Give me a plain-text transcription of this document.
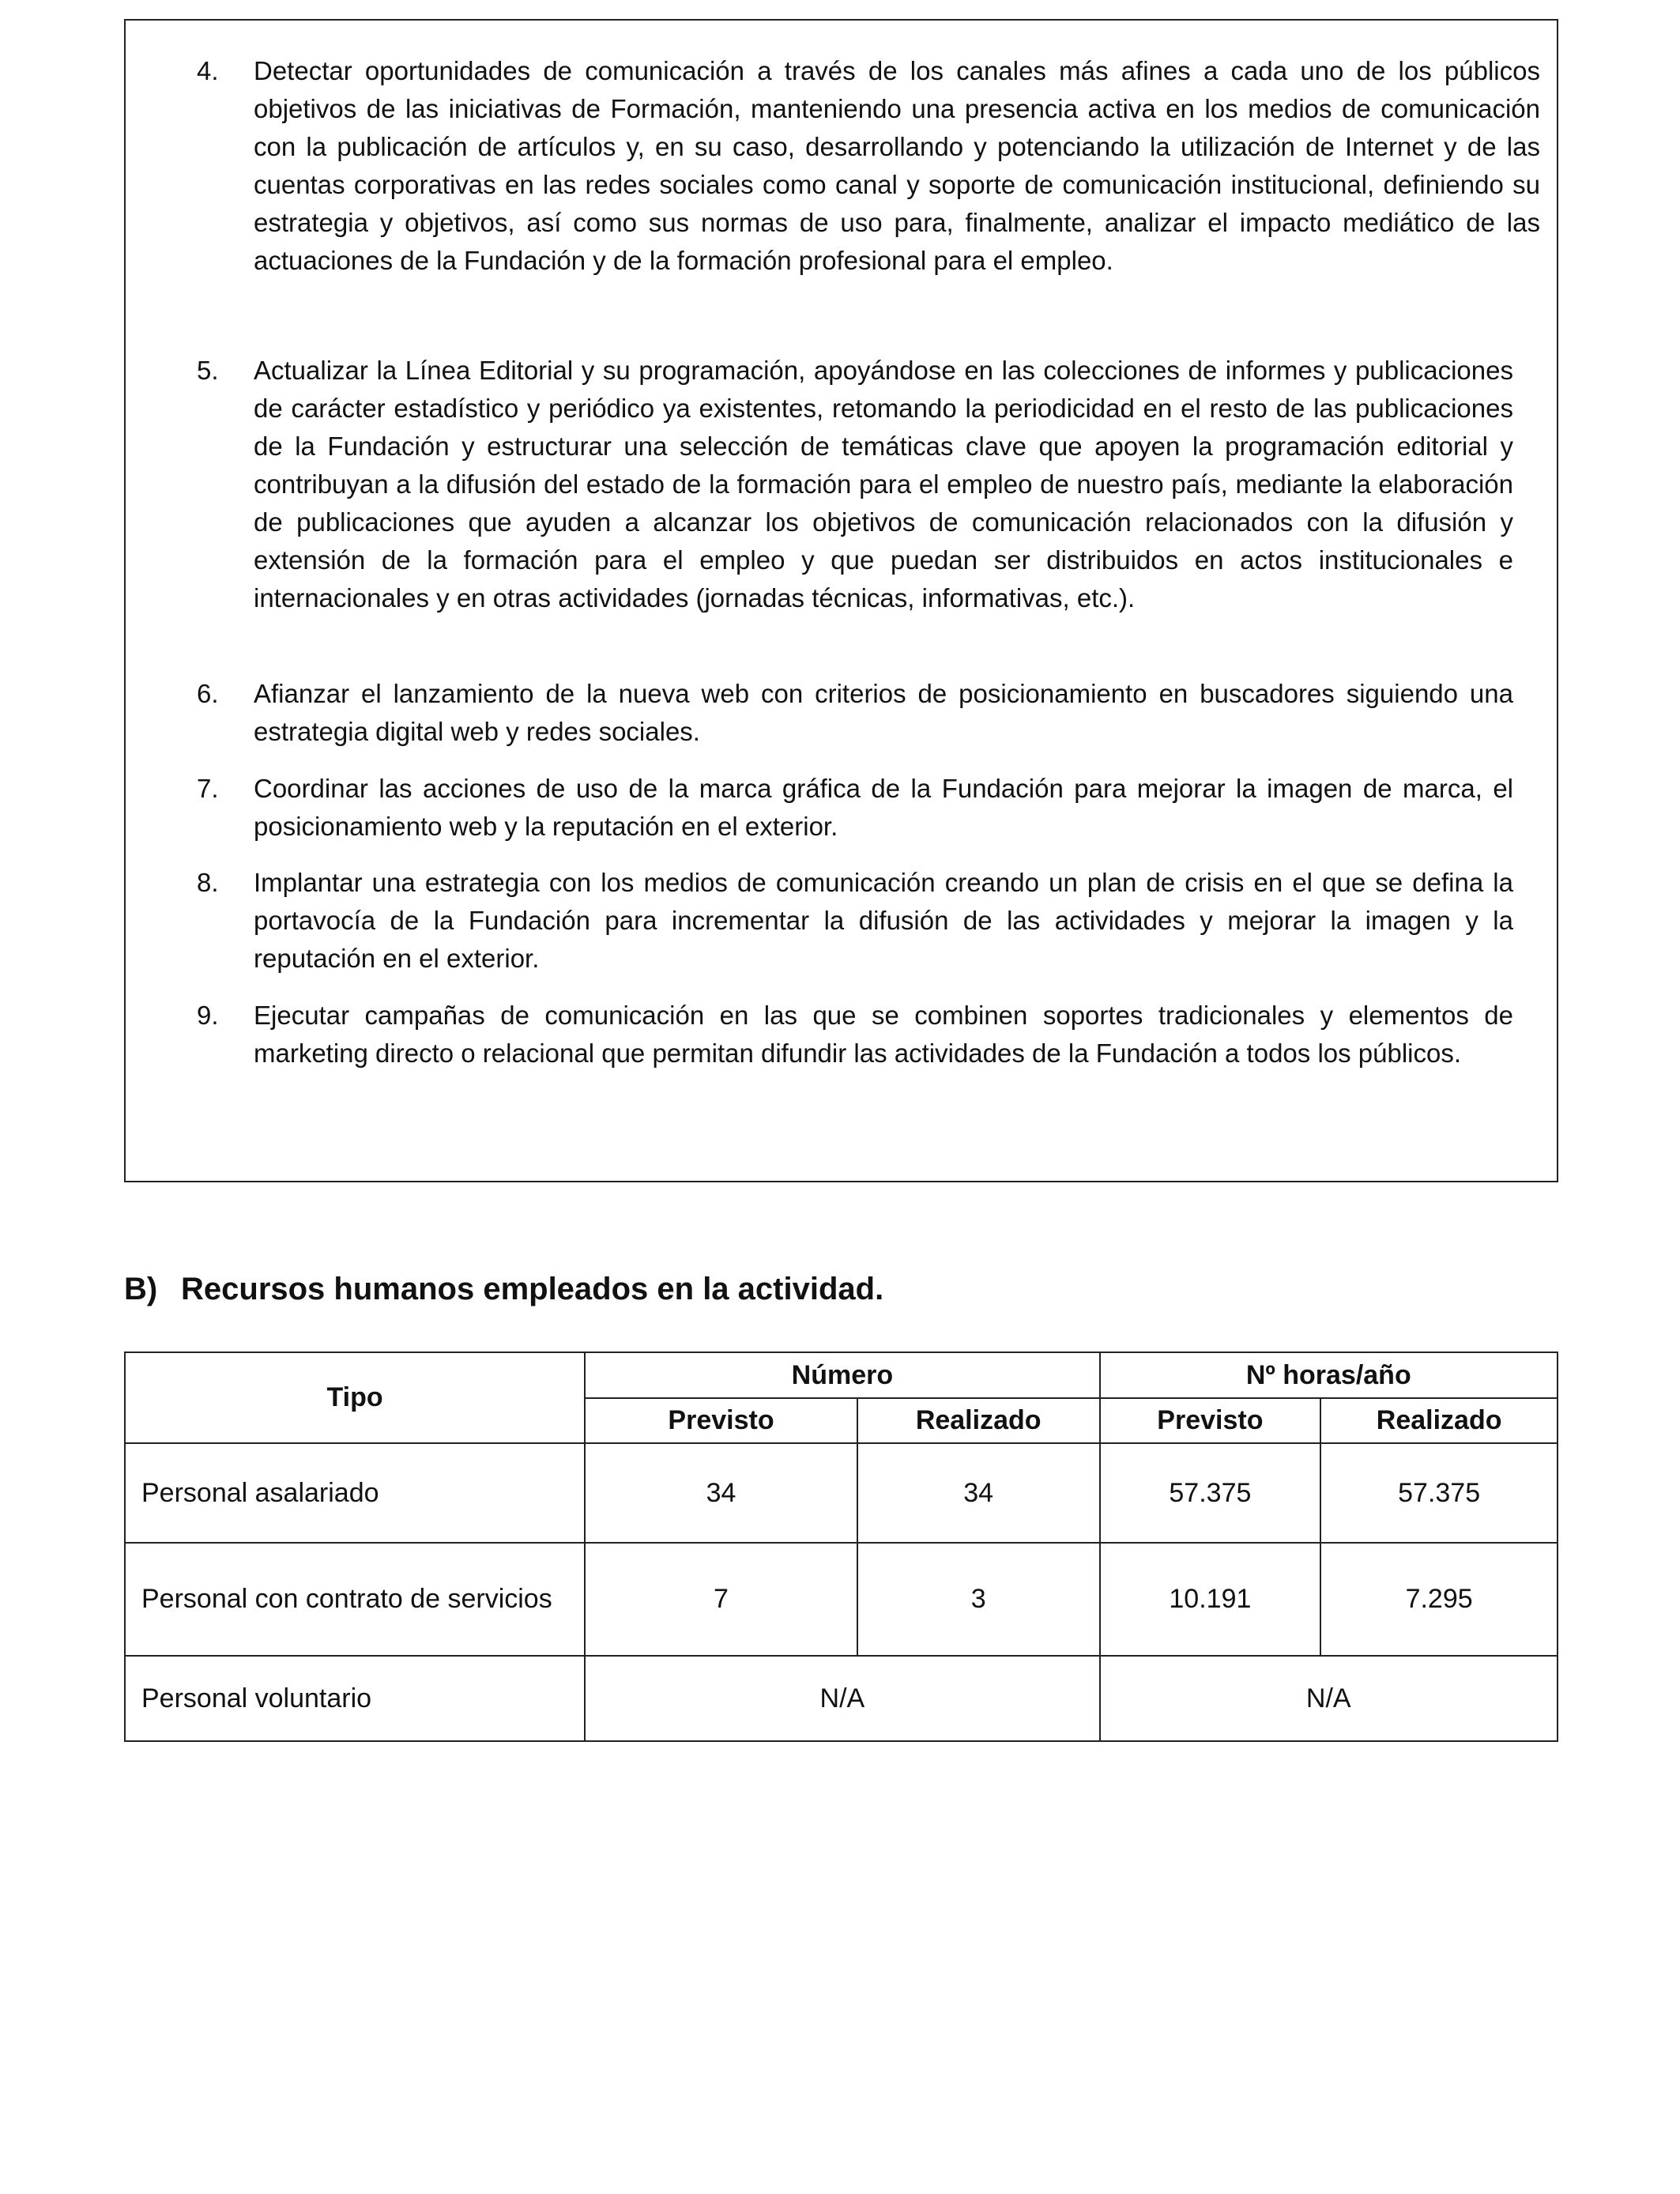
4.	Detectar oportunidades de comunicación a través de los canales más afines a cada uno de los públicos objetivos de las iniciativas de Formación, manteniendo una presencia activa en los medios de comunicación con la publicación de artículos y, en su caso, desarrollando y potenciando la utilización de Internet y de las cuentas corporativas en las redes sociales como canal y soporte de comunicación institucional, definiendo su estrategia y objetivos, así como sus normas de uso para, finalmente, analizar el impacto mediático de las actuaciones de la Fundación y de la formación profesional para el empleo.
5.	Actualizar la Línea Editorial y su programación, apoyándose en las colecciones de informes y publicaciones de carácter estadístico y periódico ya existentes, retomando la periodicidad en el resto de las publicaciones de la Fundación y estructurar una selección de temáticas clave que apoyen la programación editorial y contribuyan a la difusión del estado de la formación para el empleo de nuestro país, mediante la elaboración de publicaciones que ayuden a alcanzar los objetivos de comunicación relacionados con la difusión y extensión de la formación para el empleo y que puedan ser distribuidos en actos institucionales e internacionales y en otras actividades (jornadas técnicas, informativas, etc.).
6.	Afianzar el lanzamiento de la nueva web con criterios de posicionamiento en buscadores siguiendo una estrategia digital web y redes sociales.
7.	Coordinar las acciones de uso de la marca gráfica de la Fundación para mejorar la imagen de marca, el posicionamiento web y la reputación en el exterior.
8.	Implantar una estrategia con los medios de comunicación creando un plan de crisis en el que se defina la portavocía de la Fundación para incrementar la difusión de las actividades y mejorar la imagen y la reputación en el exterior.
9.	Ejecutar campañas de comunicación en las que se combinen soportes tradicionales y elementos de marketing directo o relacional que permitan difundir las actividades de la Fundación a todos los públicos.
B) Recursos humanos empleados en la actividad.
Tipo	Número		Nº horas/año	
	Previsto	Realizado	Previsto	Realizado
Personal asalariado	34	34	57.375	57.375
Personal con contrato de servicios	7	3	10.191	7.295
Personal voluntario	N/A		N/A	
